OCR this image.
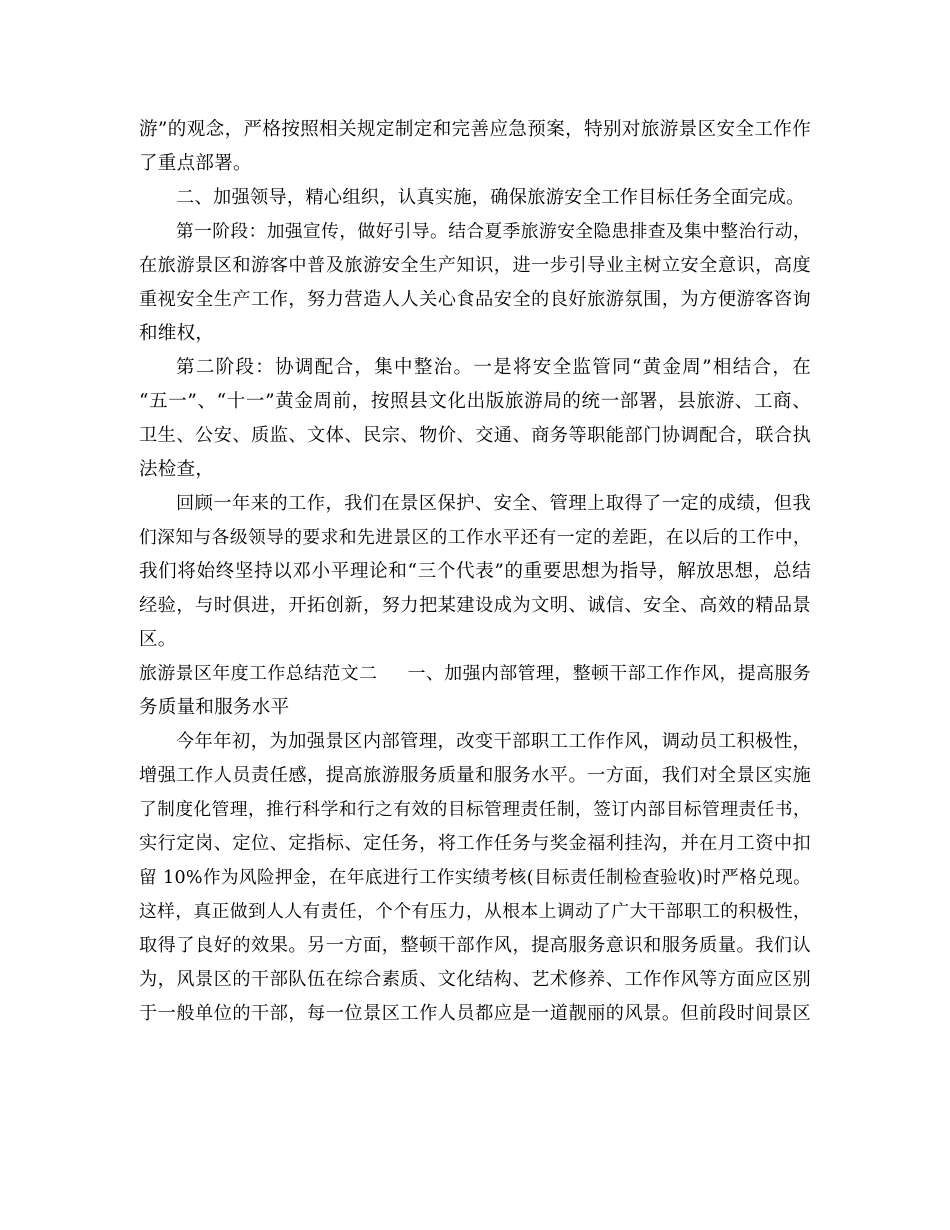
游”的观念，严格按照相关规定制定和完善应急预案，特别对旅游景区安全工作作
了重点部署。
二、加强领导，精心组织，认真实施，确保旅游安全工作目标任务全面完成。
第一阶段：加强宣传，做好引导。结合夏季旅游安全隐患排查及集中整治行动，
在旅游景区和游客中普及旅游安全生产知识，进一步引导业主树立安全意识，高度
重视安全生产工作，努力营造人人关心食品安全的良好旅游氛围，为方便游客咨询
和维权，
第二阶段：协调配合，集中整治。一是将安全监管同“黄金周”相结合，在
“五一”、“十一”黄金周前，按照县文化出版旅游局的统一部署，县旅游、工商、
卫生、公安、质监、文体、民宗、物价、交通、商务等职能部门协调配合，联合执
法检查，
回顾一年来的工作，我们在景区保护、安全、管理上取得了一定的成绩，但我
们深知与各级领导的要求和先进景区的工作水平还有一定的差距，在以后的工作中，
我们将始终坚持以邓小平理论和“三个代表”的重要思想为指导，解放思想，总结
经验，与时俱进，开拓创新，努力把某建设成为文明、诚信、安全、高效的精品景
区。
旅游景区年度工作总结范文二 一、加强内部管理，整顿干部工作作风，提高服务
务质量和服务水平
今年年初，为加强景区内部管理，改变干部职工工作作风，调动员工积极性，
增强工作人员责任感，提高旅游服务质量和服务水平。一方面，我们对全景区实施
了制度化管理，推行科学和行之有效的目标管理责任制，签订内部目标管理责任书，
实行定岗、定位、定指标、定任务，将工作任务与奖金福利挂沟，并在月工资中扣
留 10%作为风险押金，在年底进行工作实绩考核(目标责任制检查验收)时严格兑现。
这样，真正做到人人有责任，个个有压力，从根本上调动了广大干部职工的积极性，
取得了良好的效果。另一方面，整顿干部作风，提高服务意识和服务质量。我们认
为，风景区的干部队伍在综合素质、文化结构、艺术修养、工作作风等方面应区别
于一般单位的干部，每一位景区工作人员都应是一道靓丽的风景。但前段时间景区
